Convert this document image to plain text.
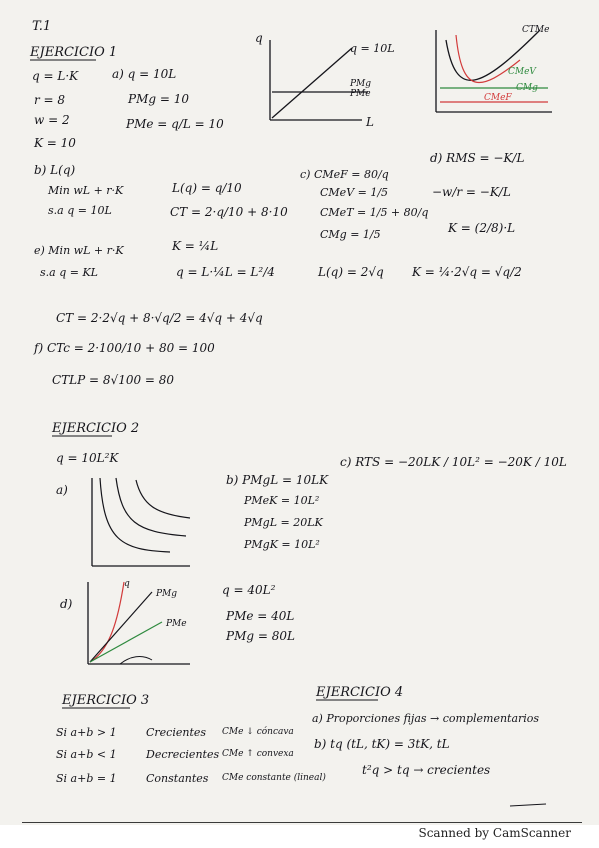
T.1
EJERCICIO 1
q = L·K
r = 8
w = 2
K = 10
a) q = 10L
PMg = 10
PMe = q/L = 10
q
L
q = 10L
PMg
PMe
CTMe
CMeV
CMg
CMeF
b) L(q)
Min wL + r·K
s.a q = 10L
L(q) = q/10
CT = 2·q/10 + 8·10
c) CMeF = 80/q
CMeV = 1/5
CMeT = 1/5 + 80/q
CMg = 1/5
d) RMS = −K/L
−w/r = −K/L
K = (2/8)·L
e) Min wL + r·K
s.a q = KL
K = ¼L
q = L·¼L = L²/4	L(q) = 2√q K = ¼·2√q = √q/2
CT = 2·2√q + 8·√q/2 = 4√q + 4√q
f) CTc = 2·100/10 + 80 = 100
CTLP = 8√100 = 80
EJERCICIO 2
q = 10L²K
a)
b) PMgL = 10LK
PMeK = 10L²
PMgL = 20LK
PMgK = 10L²
c) RTS = −20LK / 10L² = −20K / 10L
d)
q
PMg
PMe
q = 40L²
PMe = 40L
PMg = 80L
EJERCICIO 3
Si a+b > 1	Crecientes CMe ↓ cóncava
Si a+b < 1	Decrecientes CMe ↑ convexa
Si a+b = 1	Constantes CMe constante (lineal)
EJERCICIO 4
a) Proporciones fijas → complementarios
b) tq (tL, tK) = 3tK, tL
t²q > tq → crecientes
Scanned by CamScanner
